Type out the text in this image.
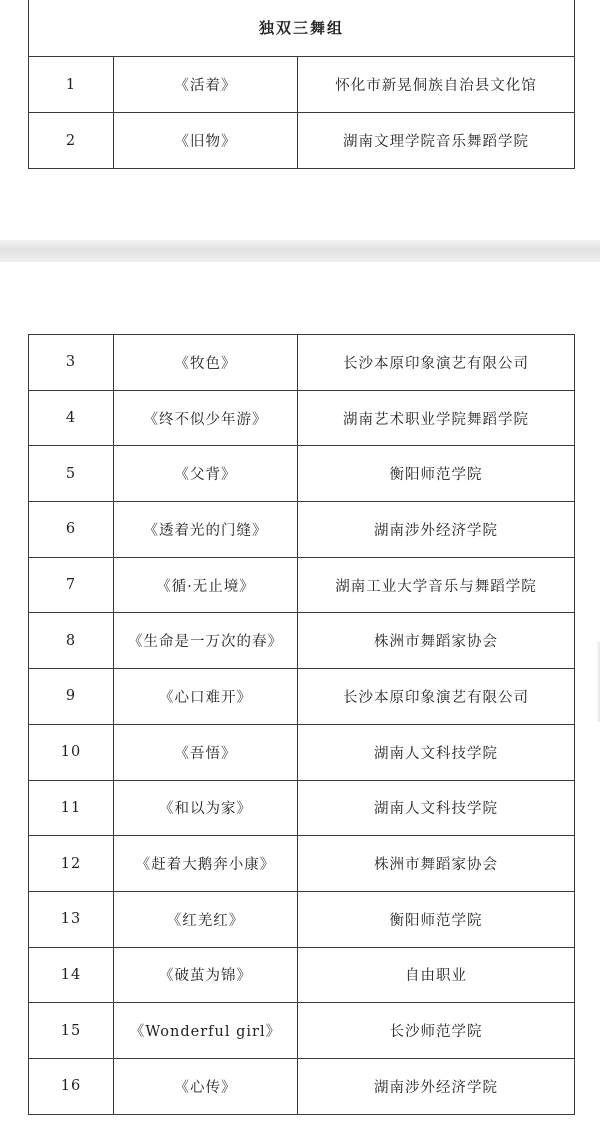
独双三舞组		
1	《活着》	怀化市新晃侗族自治县文化馆
2	《旧物》	湖南文理学院音乐舞蹈学院
3	《牧色》	长沙本原印象演艺有限公司
4	《终不似少年游》	湖南艺术职业学院舞蹈学院
5	《父背》	衡阳师范学院
6	《透着光的门缝》	湖南涉外经济学院
7	《循·无止境》	湖南工业大学音乐与舞蹈学院
8	《生命是一万次的春》	株洲市舞蹈家协会
9	《心口难开》	长沙本原印象演艺有限公司
10	《吾悟》	湖南人文科技学院
11	《和以为家》	湖南人文科技学院
12	《赶着大鹅奔小康》	株洲市舞蹈家协会
13	《红羌红》	衡阳师范学院
14	《破茧为锦》	自由职业
15	《Wonderful girl》	长沙师范学院
16	《心传》	湖南涉外经济学院
